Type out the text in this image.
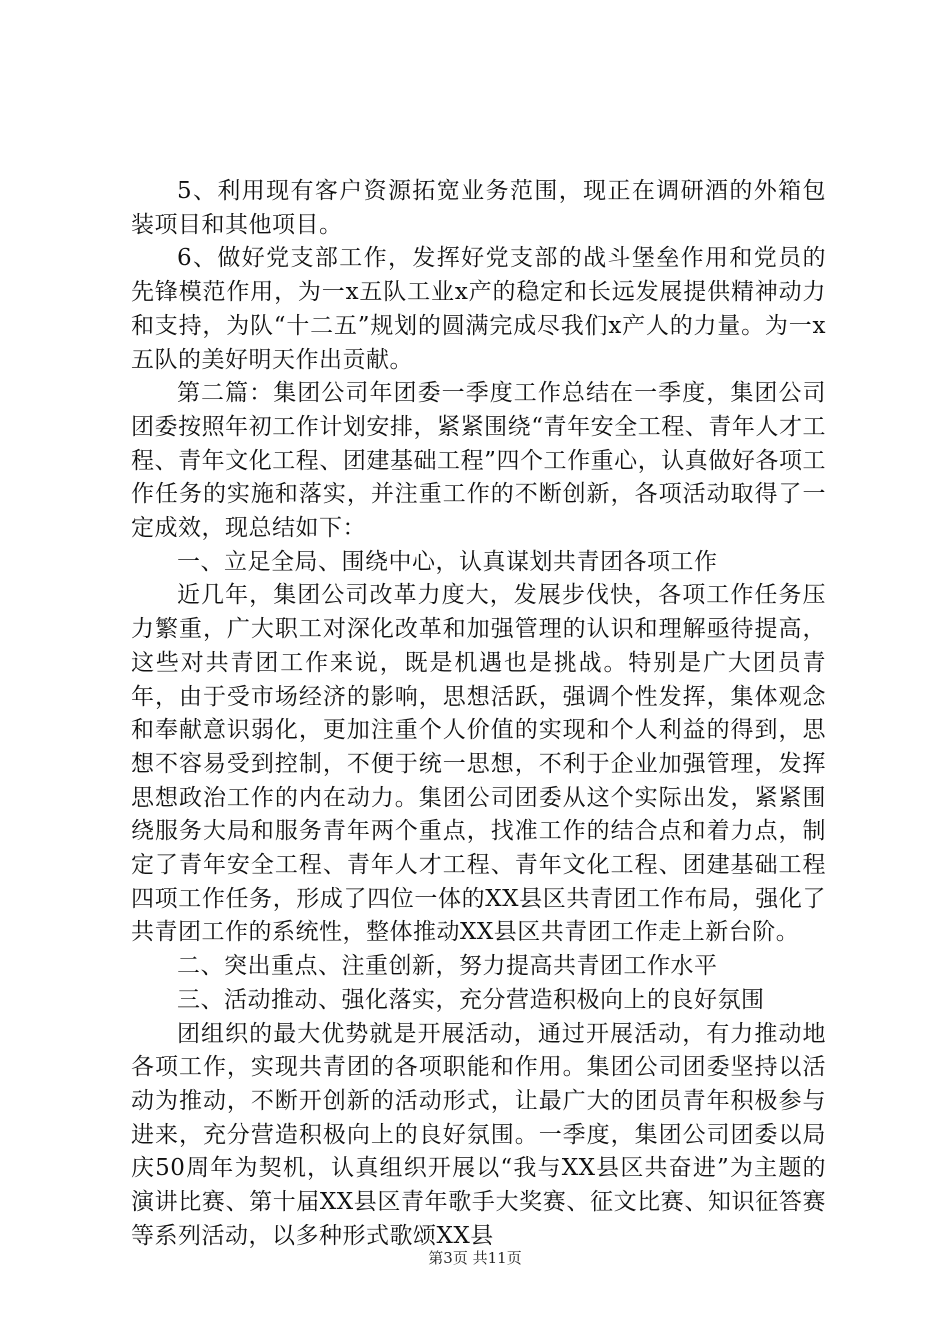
5、利用现有客户资源拓宽业务范围，现正在调研酒的外箱包装项目和其他项目。

6、做好党支部工作，发挥好党支部的战斗堡垒作用和党员的先锋模范作用，为一x五队工业x产的稳定和长远发展提供精神动力和支持，为队“十二五”规划的圆满完成尽我们x产人的力量。为一x五队的美好明天作出贡献。

第二篇：集团公司年团委一季度工作总结在一季度，集团公司团委按照年初工作计划安排，紧紧围绕“青年安全工程、青年人才工程、青年文化工程、团建基础工程”四个工作重心，认真做好各项工作任务的实施和落实，并注重工作的不断创新，各项活动取得了一定成效，现总结如下：

一、立足全局、围绕中心，认真谋划共青团各项工作

近几年，集团公司改革力度大，发展步伐快，各项工作任务压力繁重，广大职工对深化改革和加强管理的认识和理解亟待提高，这些对共青团工作来说，既是机遇也是挑战。特别是广大团员青年，由于受市场经济的影响，思想活跃，强调个性发挥，集体观念和奉献意识弱化，更加注重个人价值的实现和个人利益的得到，思想不容易受到控制，不便于统一思想，不利于企业加强管理，发挥思想政治工作的内在动力。集团公司团委从这个实际出发，紧紧围绕服务大局和服务青年两个重点，找准工作的结合点和着力点，制定了青年安全工程、青年人才工程、青年文化工程、团建基础工程四项工作任务，形成了四位一体的XX县区共青团工作布局，强化了共青团工作的系统性，整体推动XX县区共青团工作走上新台阶。

二、突出重点、注重创新，努力提高共青团工作水平

三、活动推动、强化落实，充分营造积极向上的良好氛围

团组织的最大优势就是开展活动，通过开展活动，有力推动地各项工作，实现共青团的各项职能和作用。集团公司团委坚持以活动为推动，不断开创新的活动形式，让最广大的团员青年积极参与进来，充分营造积极向上的良好氛围。一季度，集团公司团委以局庆50周年为契机，认真组织开展以“我与XX县区共奋进”为主题的演讲比赛、第十届XX县区青年歌手大奖赛、征文比赛、知识征答赛等系列活动，以多种形式歌颂XX县

第3页 共11页
